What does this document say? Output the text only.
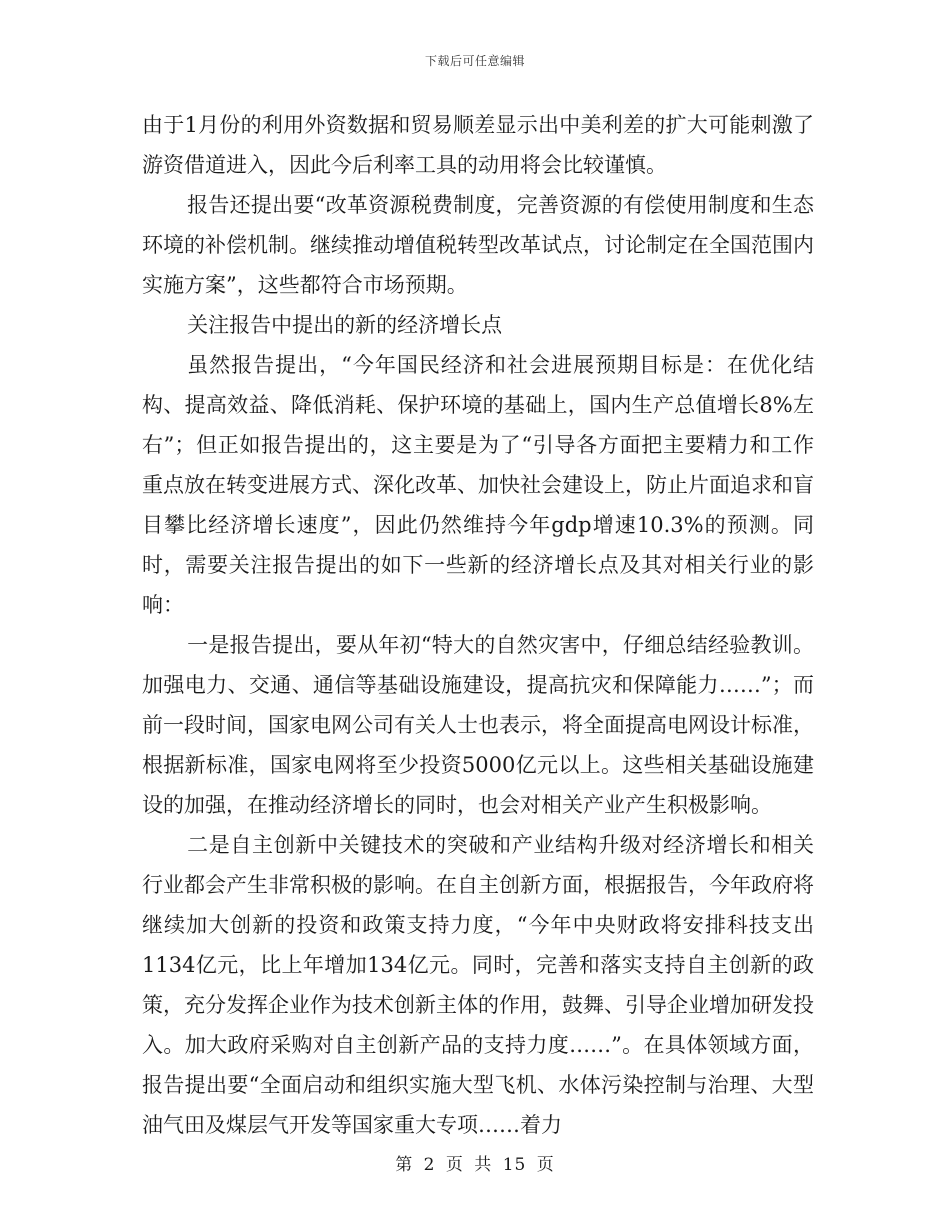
下载后可任意编辑

由于1月份的利用外资数据和贸易顺差显示出中美利差的扩大可能刺激了游资借道进入，因此今后利率工具的动用将会比较谨慎。

报告还提出要“改革资源税费制度，完善资源的有偿使用制度和生态环境的补偿机制。继续推动增值税转型改革试点，讨论制定在全国范围内实施方案”，这些都符合市场预期。

关注报告中提出的新的经济增长点

虽然报告提出，“今年国民经济和社会进展预期目标是：在优化结构、提高效益、降低消耗、保护环境的基础上，国内生产总值增长8%左右”；但正如报告提出的，这主要是为了“引导各方面把主要精力和工作重点放在转变进展方式、深化改革、加快社会建设上，防止片面追求和盲目攀比经济增长速度”，因此仍然维持今年gdp增速10.3%的预测。同时，需要关注报告提出的如下一些新的经济增长点及其对相关行业的影响：

一是报告提出，要从年初“特大的自然灾害中，仔细总结经验教训。加强电力、交通、通信等基础设施建设，提高抗灾和保障能力……”；而前一段时间，国家电网公司有关人士也表示，将全面提高电网设计标准，根据新标准，国家电网将至少投资5000亿元以上。这些相关基础设施建设的加强，在推动经济增长的同时，也会对相关产业产生积极影响。

二是自主创新中关键技术的突破和产业结构升级对经济增长和相关行业都会产生非常积极的影响。在自主创新方面，根据报告，今年政府将继续加大创新的投资和政策支持力度，“今年中央财政将安排科技支出1134亿元，比上年增加134亿元。同时，完善和落实支持自主创新的政策，充分发挥企业作为技术创新主体的作用，鼓舞、引导企业增加研发投入。加大政府采购对自主创新产品的支持力度……”。在具体领域方面，报告提出要“全面启动和组织实施大型飞机、水体污染控制与治理、大型油气田及煤层气开发等国家重大专项……着力

第 2 页 共 15 页
